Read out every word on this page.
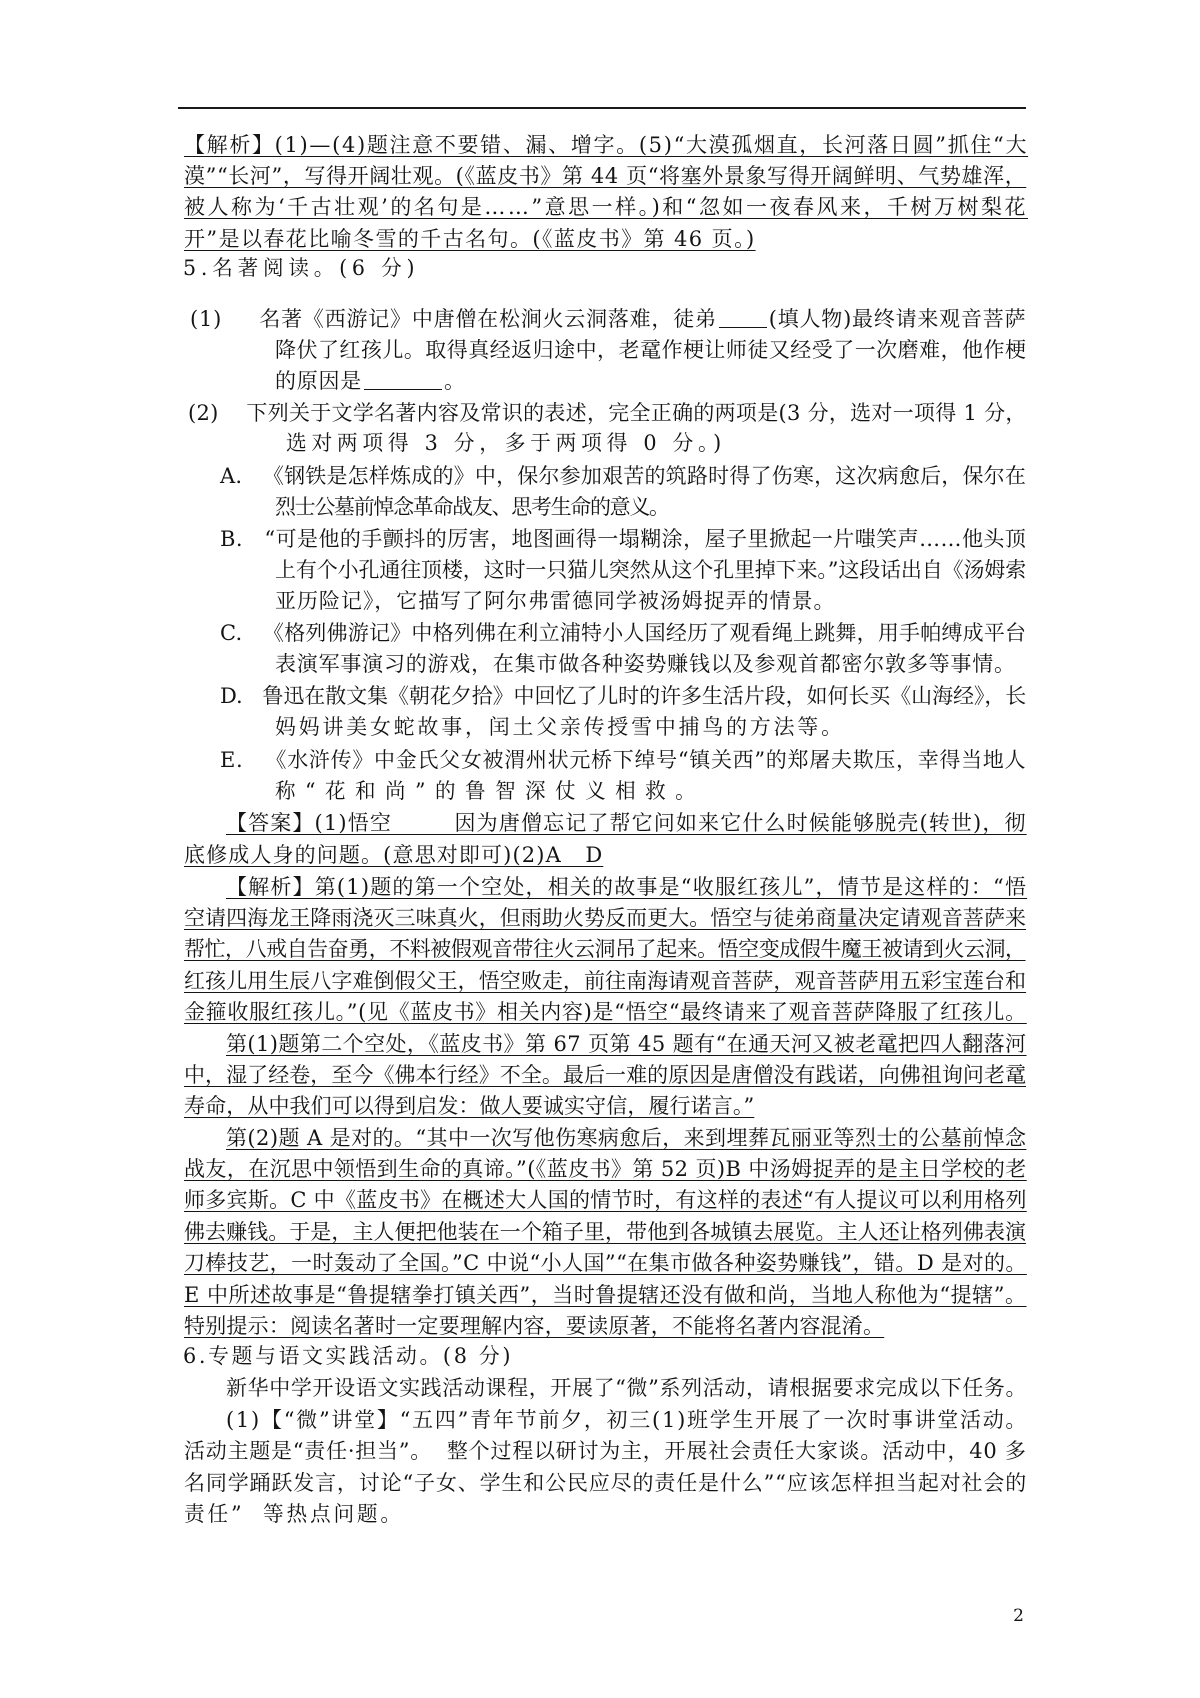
【解析】(1)—(4)题注意不要错、漏、增字。(5)“大漠孤烟直，长河落日圆”抓住“大
漠”“长河”，写得开阔壮观。(《蓝皮书》第 44 页“将塞外景象写得开阔鲜明、气势雄浑，
被人称为‘千古壮观’的名句是……”意思一样。)和“忽如一夜春风来，千树万树梨花
开”是以春花比喻冬雪的千古名句。(《蓝皮书》第 46 页。)
5.名著阅读。(6 分)
(1)     名著《西游记》中唐僧在松涧火云洞落难，徒弟 (填人物)最终请来观音菩萨
降伏了红孩儿。取得真经返归途中，老鼋作梗让师徒又经受了一次磨难，他作梗
的原因是	。
(2)    下列关于文学名著内容及常识的表述，完全正确的两项是(3 分，选对一项得 1 分，
选对两项得 3 分，多于两项得 0 分。)
A.   《钢铁是怎样炼成的》中，保尔参加艰苦的筑路时得了伤寒，这次病愈后，保尔在
烈士公墓前悼念革命战友、思考生命的意义。
B.   “可是他的手颤抖的厉害，地图画得一塌糊涂，屋子里掀起一片嗤笑声……他头顶
上有个小孔通往顶楼，这时一只猫儿突然从这个孔里掉下来。”这段话出自《汤姆索
亚历险记》，它描写了阿尔弗雷德同学被汤姆捉弄的情景。
C.   《格列佛游记》中格列佛在利立浦特小人国经历了观看绳上跳舞，用手帕缚成平台
表演军事演习的游戏，在集市做各种姿势赚钱以及参观首都密尔敦多等事情。
D.   鲁迅在散文集《朝花夕拾》中回忆了儿时的许多生活片段，如何长买《山海经》，长
妈妈讲美女蛇故事，闰土父亲传授雪中捕鸟的方法等。
E.   《水浒传》中金氏父女被渭州状元桥下绰号“镇关西”的郑屠夫欺压，幸得当地人
称“花和尚”的鲁智深仗义相救。
【答案】(1)悟空        因为唐僧忘记了帮它问如来它什么时候能够脱壳(转世)，彻
底修成人身的问题。(意思对即可)(2)A   D
【解析】第(1)题的第一个空处，相关的故事是“收服红孩儿”，情节是这样的：“悟
空请四海龙王降雨浇灭三味真火，但雨助火势反而更大。悟空与徒弟商量决定请观音菩萨来
帮忙，八戒自告奋勇，不料被假观音带往火云洞吊了起来。悟空变成假牛魔王被请到火云洞，
红孩儿用生辰八字难倒假父王，悟空败走，前往南海请观音菩萨，观音菩萨用五彩宝莲台和
金箍收服红孩儿。”(见《蓝皮书》相关内容)是“悟空“最终请来了观音菩萨降服了红孩儿。
第(1)题第二个空处，《蓝皮书》第 67 页第 45 题有“在通天河又被老鼋把四人翻落河
中，湿了经卷，至今《佛本行经》不全。最后一难的原因是唐僧没有践诺，向佛祖询问老鼋
寿命，从中我们可以得到启发：做人要诚实守信，履行诺言。”
第(2)题 A 是对的。“其中一次写他伤寒病愈后，来到埋葬瓦丽亚等烈士的公墓前悼念
战友，在沉思中领悟到生命的真谛。”(《蓝皮书》第 52 页)B 中汤姆捉弄的是主日学校的老
师多宾斯。C 中《蓝皮书》在概述大人国的情节时，有这样的表述“有人提议可以利用格列
佛去赚钱。于是，主人便把他装在一个箱子里，带他到各城镇去展览。主人还让格列佛表演
刀棒技艺，一时轰动了全国。”C 中说“小人国”“在集市做各种姿势赚钱”，错。D 是对的。
E 中所述故事是“鲁提辖拳打镇关西”，当时鲁提辖还没有做和尚，当地人称他为“提辖”。
特别提示：阅读名著时一定要理解内容，要读原著，不能将名著内容混淆。
6.专题与语文实践活动。(8 分)
新华中学开设语文实践活动课程，开展了“微”系列活动，请根据要求完成以下任务。
(1)【“微”讲堂】“五四”青年节前夕，初三(1)班学生开展了一次时事讲堂活动。
活动主题是“责任·担当”。  整个过程以研讨为主，开展社会责任大家谈。活动中，40 多
名同学踊跃发言，讨论“子女、学生和公民应尽的责任是什么”“应该怎样担当起对社会的
责任”  等热点问题。
2
